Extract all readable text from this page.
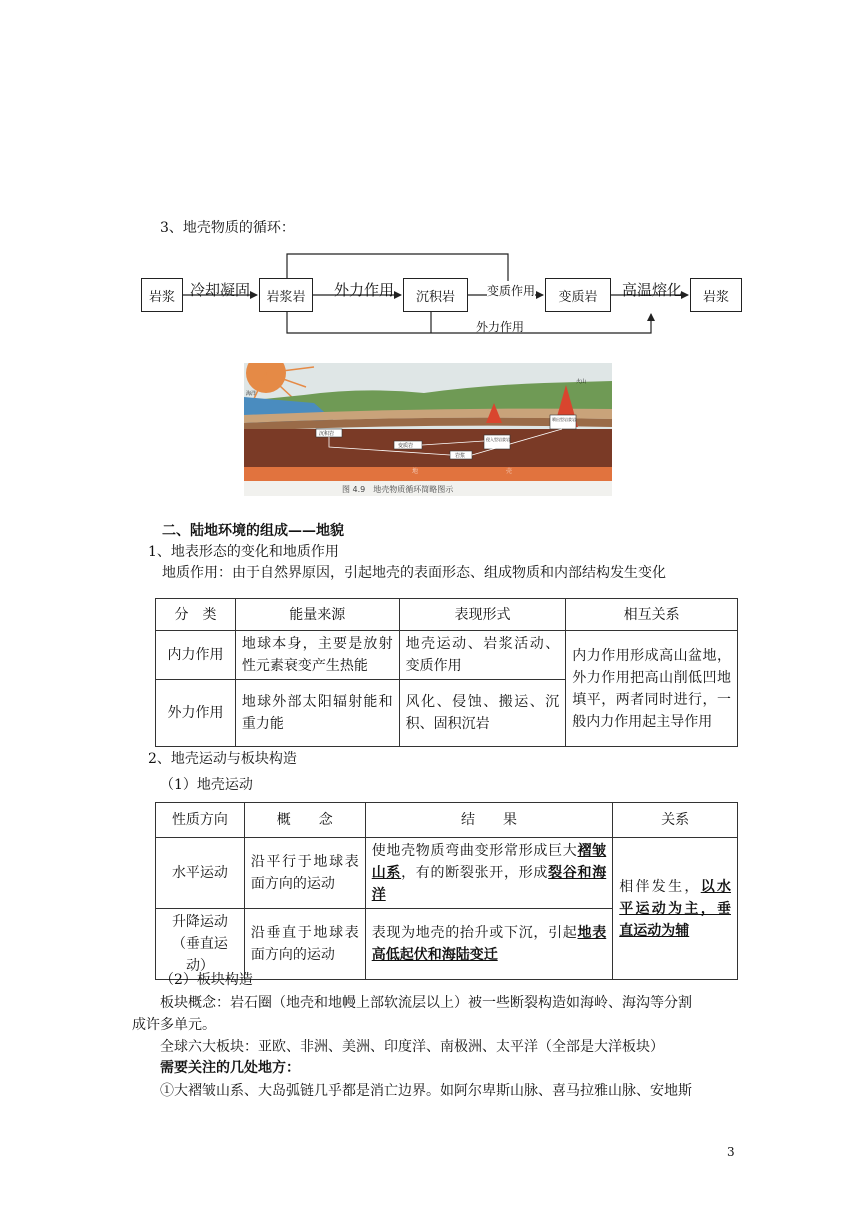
3、地壳物质的循环：
岩浆	冷却凝固	岩浆岩	外力作用	沉积岩	变质作用	变质岩	高温熔化	岩浆
外力作用
海洋
沉积岩
变质岩
岩浆
侵入型岩浆岩
喷出型岩浆岩
火山
地	壳
图 4.9　地壳物质循环简略图示
二、陆地环境的组成——地貌
1、地表形态的变化和地质作用
地质作用：由于自然界原因，引起地壳的表面形态、组成物质和内部结构发生变化
分　类	能量来源	表现形式	相互关系
内力作用	地球本身，主要是放射性元素衰变产生热能	地壳运动、岩浆活动、变质作用	内力作用形成高山盆地，外力作用把高山削低凹地填平，两者同时进行，一般内力作用起主导作用
外力作用	地球外部太阳辐射能和重力能	风化、侵蚀、搬运、沉积、固积沉岩	
2、地壳运动与板块构造
（1）地壳运动
性质方向	概　　念	结　　果	关系
水平运动	沿平行于地球表面方向的运动	使地壳物质弯曲变形常形成巨大褶皱山系，有的断裂张开，形成裂谷和海洋	相伴发生，以水平运动为主，垂直运动为辅
升降运动（垂直运动）	沿垂直于地球表面方向的运动	表现为地壳的抬升或下沉，引起地表高低起伏和海陆变迁	
（2）板块构造
板块概念：岩石圈（地壳和地幔上部软流层以上）被一些断裂构造如海岭、海沟等分割
成许多单元。
全球六大板块：亚欧、非洲、美洲、印度洋、南极洲、太平洋（全部是大洋板块）
需要关注的几处地方：
①大褶皱山系、大岛弧链几乎都是消亡边界。如阿尔卑斯山脉、喜马拉雅山脉、安地斯
3
